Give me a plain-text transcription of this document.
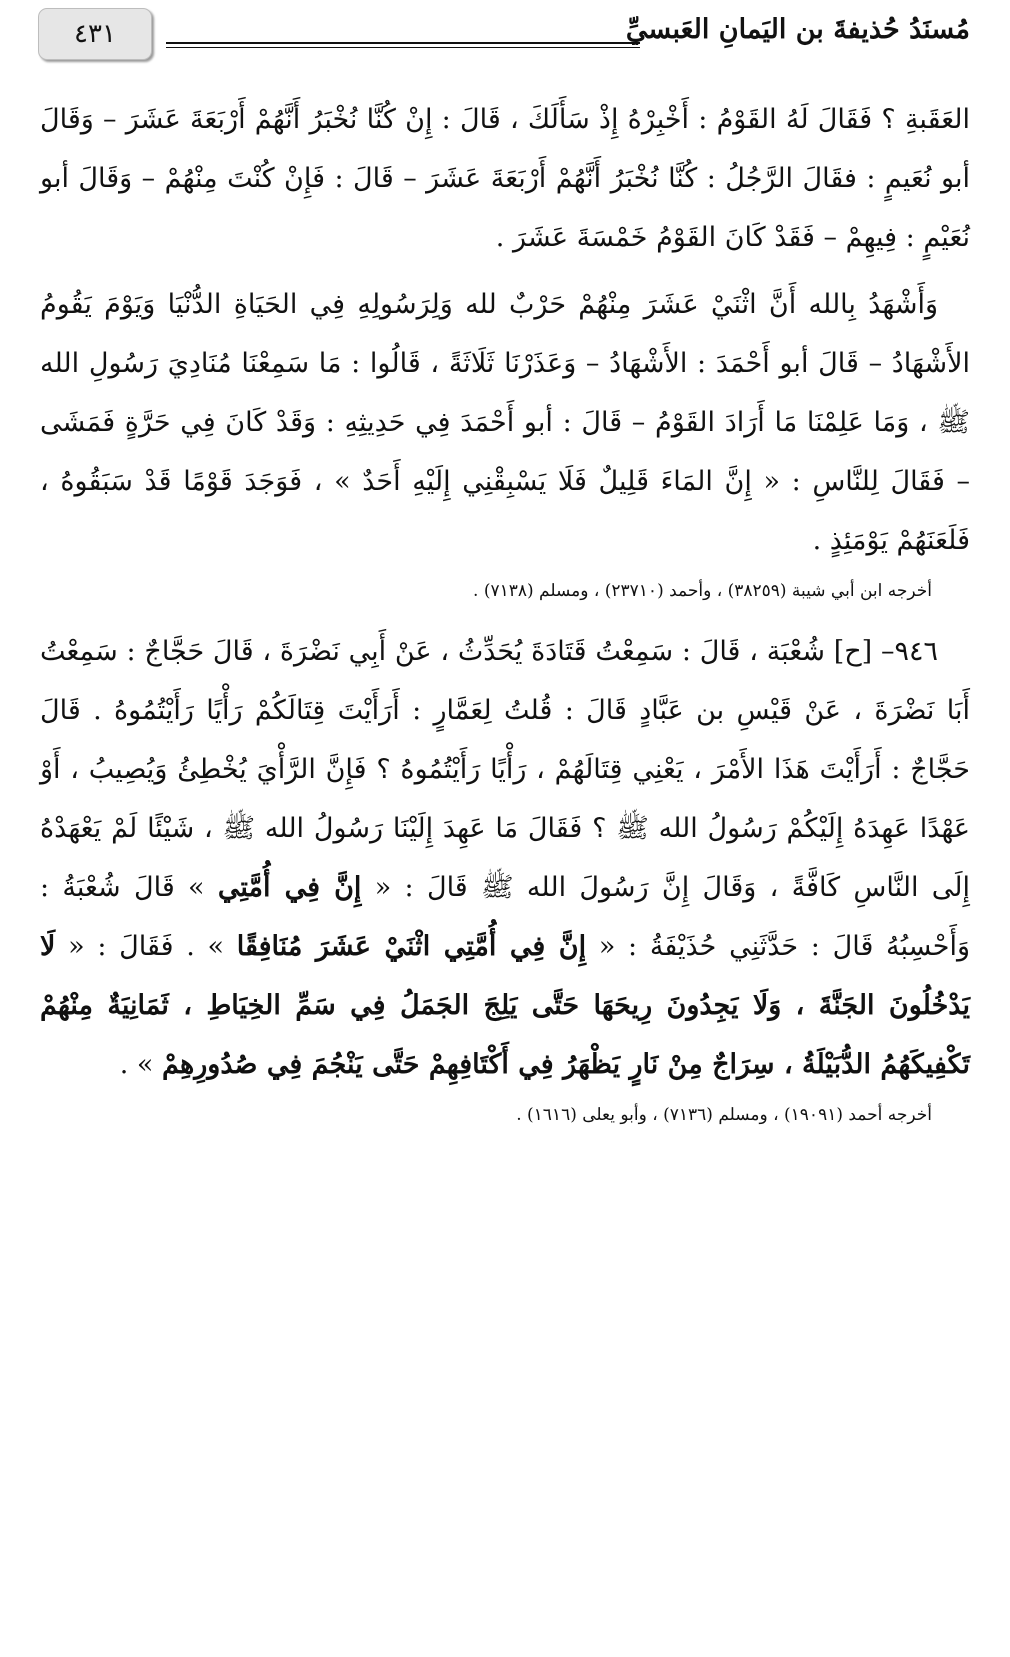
مُسنَدُ حُذيفةَ بن اليَمانِ العَبسيِّ
٤٣١

العَقَبةِ ؟ فَقَالَ لَهُ القَوْمُ : أَخْبِرْهُ إِذْ سَأَلَكَ ، قَالَ : إِنْ كُنَّا نُخْبَرُ أَنَّهُمْ أَرْبَعَةَ عَشَرَ – وَقَالَ أبو نُعَيمٍ : فقَالَ الرَّجُلُ : كُنَّا نُخْبَرُ أَنَّهُمْ أَرْبَعَةَ عَشَرَ – قَالَ : فَإِنْ كُنْتَ مِنْهُمْ – وَقَالَ أبو نُعَيْمٍ : فِيهِمْ – فَقَدْ كَانَ القَوْمُ خَمْسَةَ عَشَرَ .

وَأَشْهَدُ بِالله أَنَّ اثْنَيْ عَشَرَ مِنْهُمْ حَرْبٌ لله وَلِرَسُولِهِ فِي الحَيَاةِ الدُّنْيَا وَيَوْمَ يَقُومُ الأَشْهَادُ – قَالَ أبو أَحْمَدَ : الأَشْهَادُ – وَعَذَرْنَا ثَلَاثَةً ، قَالُوا : مَا سَمِعْنَا مُنَادِيَ رَسُولِ الله ﷺ ، وَمَا عَلِمْنَا مَا أَرَادَ القَوْمُ – قَالَ : أبو أَحْمَدَ فِي حَدِيثِهِ : وَقَدْ كَانَ فِي حَرَّةٍ فَمَشَى – فَقَالَ لِلنَّاسِ : « إِنَّ المَاءَ قَلِيلٌ فَلَا يَسْبِقْنِي إِلَيْهِ أَحَدٌ » ، فَوَجَدَ قَوْمًا قَدْ سَبَقُوهُ ، فَلَعَنَهُمْ يَوْمَئِذٍ .

أخرجه ابن أبي شيبة (٣٨٢٥٩) ، وأحمد (٢٣٧١٠) ، ومسلم (٧١٣٨) .

٩٤٦– [ح] شُعْبَة ، قَالَ : سَمِعْتُ قَتَادَةَ يُحَدِّثُ ، عَنْ أَبِي نَضْرَةَ ، قَالَ حَجَّاجٌ : سَمِعْتُ أَبَا نَضْرَةَ ، عَنْ قَيْسِ بن عَبَّادٍ قَالَ : قُلتُ لِعَمَّارٍ : أَرَأَيْتَ قِتَالَكُمْ رَأْيًا رَأَيْتُمُوهُ . قَالَ حَجَّاجٌ : أَرَأَيْتَ هَذَا الأَمْرَ ، يَعْنِي قِتَالَهُمْ ، رَأْيًا رَأَيْتُمُوهُ ؟ فَإِنَّ الرَّأْيَ يُخْطِئُ وَيُصِيبُ ، أَوْ عَهْدًا عَهِدَهُ إِلَيْكُمْ رَسُولُ الله ﷺ ؟ فَقَالَ مَا عَهِدَ إِلَيْنَا رَسُولُ الله ﷺ ، شَيْئًا لَمْ يَعْهَدْهُ إِلَى النَّاسِ كَافَّةً ، وَقَالَ إِنَّ رَسُولَ الله ﷺ قَالَ : « إِنَّ فِي أُمَّتِي » قَالَ شُعْبَةُ : وَأَحْسِبُهُ قَالَ : حَدَّثَنِي حُذَيْفَةُ : « إِنَّ فِي أُمَّتِي اثْنَيْ عَشَرَ مُنَافِقًا » . فَقَالَ : « لَا يَدْخُلُونَ الجَنَّةَ ، وَلَا يَجِدُونَ رِيحَهَا حَتَّى يَلِجَ الجَمَلُ فِي سَمِّ الخِيَاطِ ، ثَمَانِيَةٌ مِنْهُمْ تَكْفِيكَهُمُ الدُّبَيْلَةُ ، سِرَاجٌ مِنْ نَارٍ يَظْهَرُ فِي أَكْتَافِهِمْ حَتَّى يَنْجُمَ فِي صُدُورِهِمْ » .

أخرجه أحمد (١٩٠٩١) ، ومسلم (٧١٣٦) ، وأبو يعلى (١٦١٦) .
